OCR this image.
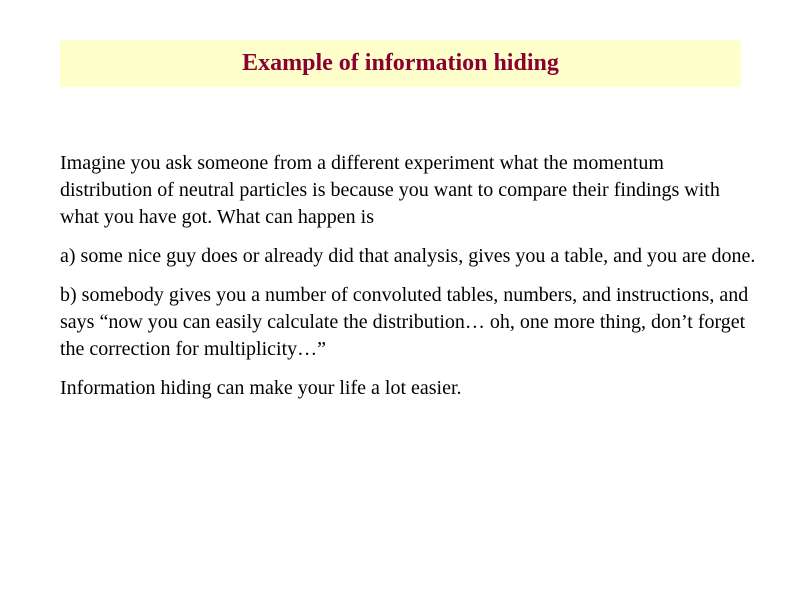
Example of information hiding

Imagine you ask someone from a different experiment what the momentum distribution of neutral particles is because you want to compare their findings with what you have got. What can happen is

a) some nice guy does or already did that analysis, gives you a table, and you are done.

b) somebody gives you a number of convoluted tables, numbers, and instructions, and says “now you can easily calculate the distribution… oh, one more thing, don’t forget the correction for multiplicity…”

Information hiding can make your life a lot easier.
